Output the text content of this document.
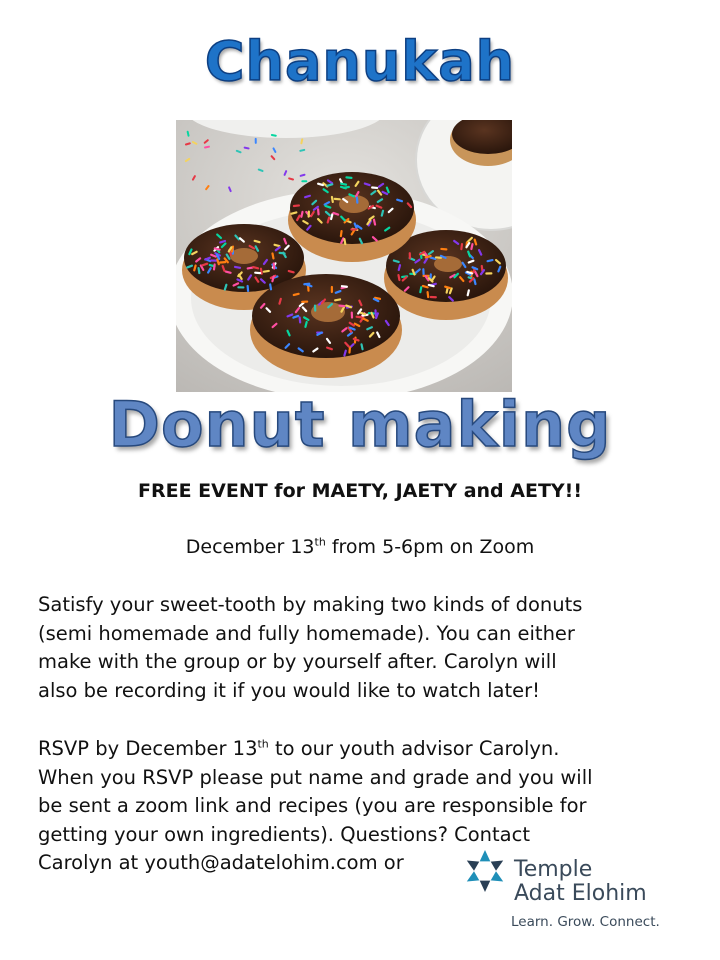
Chanukah
Donut making
FREE EVENT for MAETY, JAETY and AETY!!
December 13th from 5-6pm on Zoom

Satisfy your sweet-tooth by making two kinds of donuts

(semi homemade and fully homemade). You can either

make with the group or by yourself after. Carolyn will

also be recording it if you would like to watch later!

RSVP by December 13th to our youth advisor Carolyn.

When you RSVP please put name and grade and you will

be sent a zoom link and recipes (you are responsible for

getting your own ingredients). Questions? Contact

Carolyn at youth@adatelohim.com or	Temple
Adat Elohim
Learn. Grow. Connect.
